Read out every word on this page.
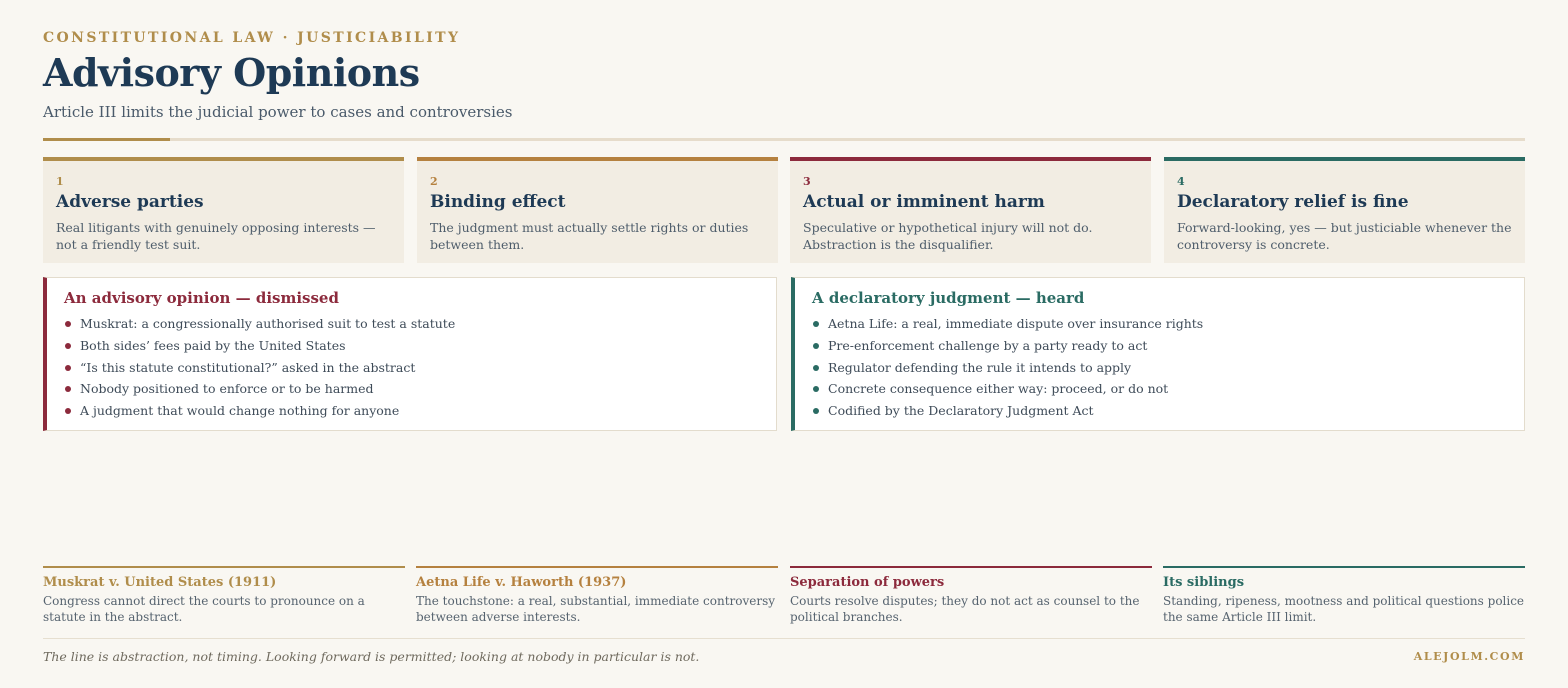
CONSTITUTIONAL LAW · JUSTICIABILITY
Advisory Opinions
Article III limits the judicial power to cases and controversies
1
Adverse parties
Real litigants with genuinely opposing interests — not a friendly test suit.
2
Binding effect
The judgment must actually settle rights or duties between them.
3
Actual or imminent harm
Speculative or hypothetical injury will not do. Abstraction is the disqualifier.
4
Declaratory relief is fine
Forward-looking, yes — but justiciable whenever the controversy is concrete.
An advisory opinion — dismissed
Muskrat: a congressionally authorised suit to test a statute
Both sides’ fees paid by the United States
“Is this statute constitutional?” asked in the abstract
Nobody positioned to enforce or to be harmed
A judgment that would change nothing for anyone
A declaratory judgment — heard
Aetna Life: a real, immediate dispute over insurance rights
Pre-enforcement challenge by a party ready to act
Regulator defending the rule it intends to apply
Concrete consequence either way: proceed, or do not
Codified by the Declaratory Judgment Act
Muskrat v. United States (1911)
Congress cannot direct the courts to pronounce on a statute in the abstract.
Aetna Life v. Haworth (1937)
The touchstone: a real, substantial, immediate controversy between adverse interests.
Separation of powers
Courts resolve disputes; they do not act as counsel to the political branches.
Its siblings
Standing, ripeness, mootness and political questions police the same Article III limit.
The line is abstraction, not timing. Looking forward is permitted; looking at nobody in particular is not.	ALEJOLM.COM
